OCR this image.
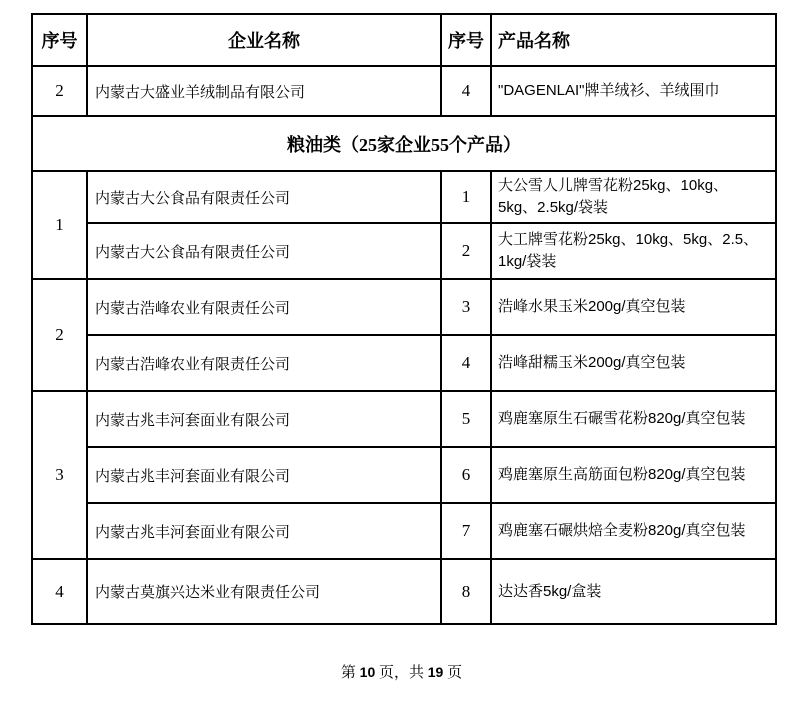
序号	企业名称	序号	产品名称
2	内蒙古大盛业羊绒制品有限公司	4	"DAGENLAI"牌羊绒衫、羊绒围巾
粮油类（25家企业55个产品）			
1	内蒙古大公食品有限责任公司	1	大公雪人儿牌雪花粉25kg、10kg、5kg、2.5kg/袋装
	内蒙古大公食品有限责任公司	2	大工牌雪花粉25kg、10kg、5kg、2.5、1kg/袋装
2	内蒙古浩峰农业有限责任公司	3	浩峰水果玉米200g/真空包装
	内蒙古浩峰农业有限责任公司	4	浩峰甜糯玉米200g/真空包装
3	内蒙古兆丰河套面业有限公司	5	鸡鹿塞原生石碾雪花粉820g/真空包装
	内蒙古兆丰河套面业有限公司	6	鸡鹿塞原生高筋面包粉820g/真空包装
	内蒙古兆丰河套面业有限公司	7	鸡鹿塞石碾烘焙全麦粉820g/真空包装
4	内蒙古莫旗兴达米业有限责任公司	8	达达香5kg/盒装
第 10 页，共 19 页
